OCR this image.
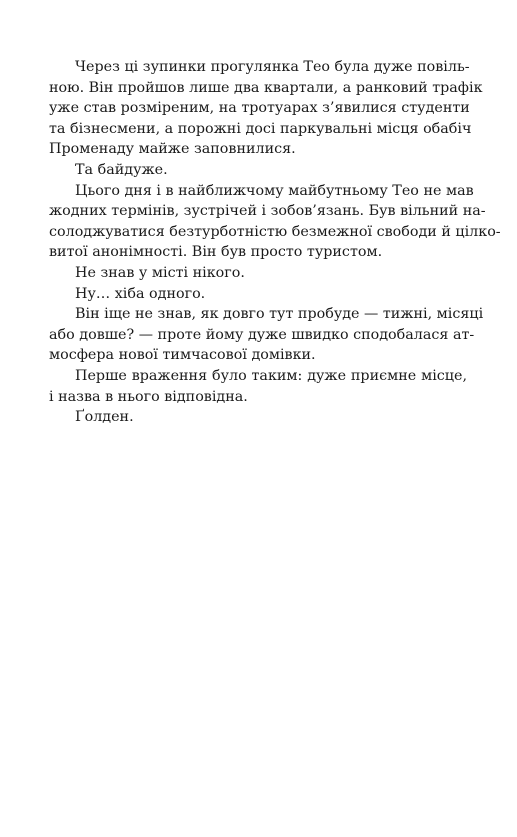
Через ці зупинки прогулянка Тео була дуже повіль-
ною. Він пройшов лише два квартали, а ранковий трафік
уже став розміреним, на тротуарах з’явилися студенти
та бізнесмени, а порожні досі паркувальні місця обабіч
Променаду майже заповнилися.
Та байдуже.
Цього дня і в найближчому майбутньому Тео не мав
жодних термінів, зустрічей і зобов’язань. Був вільний на-
солоджуватися безтурботністю безмежної свободи й цілко-
витої анонімності. Він був просто туристом.
Не знав у місті нікого.
Ну… хіба одного.
Він іще не знав, як довго тут пробуде — тижні, місяці
або довше? — проте йому дуже швидко сподобалася ат-
мосфера нової тимчасової домівки.
Перше враження було таким: дуже приємне місце,
і назва в нього відповідна.
Ґолден.
